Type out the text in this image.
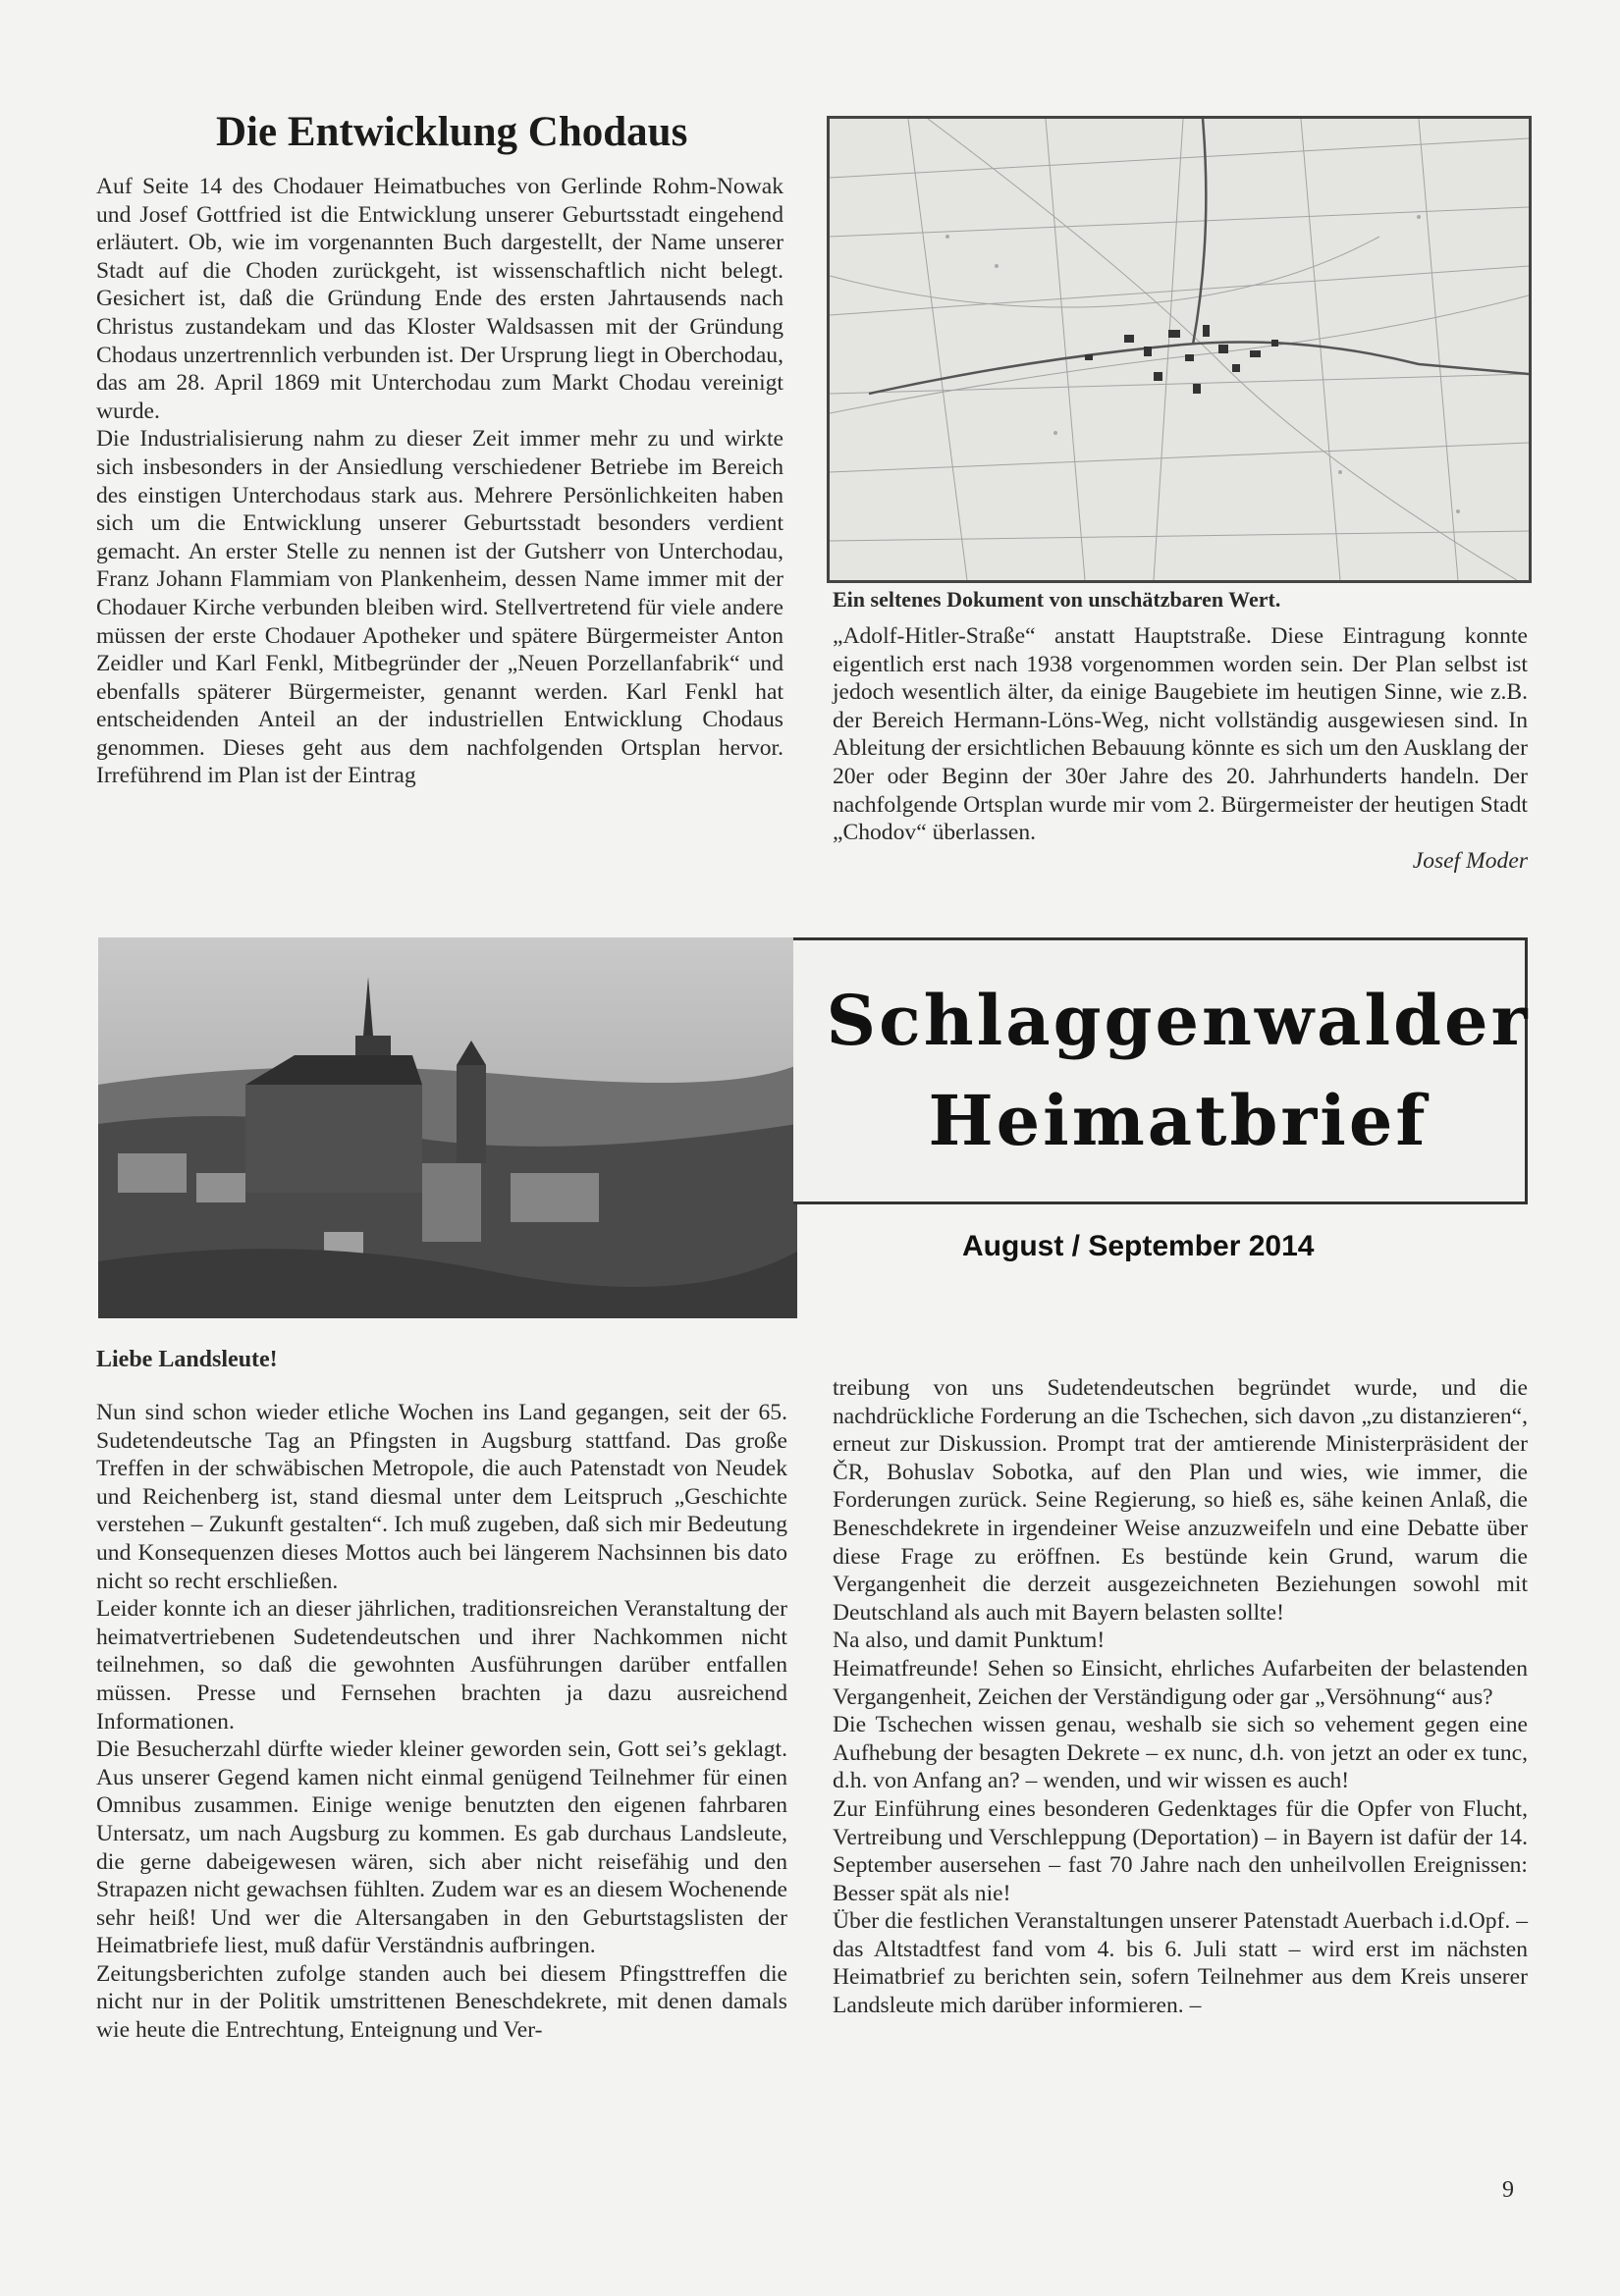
Die Entwicklung Chodaus

Auf Seite 14 des Chodauer Heimatbuches von Gerlinde Rohm-Nowak und Josef Gottfried ist die Entwicklung unserer Geburtsstadt eingehend erläutert. Ob, wie im vorgenannten Buch dargestellt, der Name unserer Stadt auf die Choden zurückgeht, ist wissenschaftlich nicht belegt. Gesichert ist, daß die Gründung Ende des ersten Jahrtausends nach Christus zustandekam und das Kloster Waldsassen mit der Gründung Chodaus unzertrennlich verbunden ist. Der Ursprung liegt in Oberchodau, das am 28. April 1869 mit Unterchodau zum Markt Chodau vereinigt wurde.

Die Industrialisierung nahm zu dieser Zeit immer mehr zu und wirkte sich insbesonders in der Ansiedlung verschiedener Betriebe im Bereich des einstigen Unterchodaus stark aus. Mehrere Persönlichkeiten haben sich um die Entwicklung unserer Geburtsstadt besonders verdient gemacht. An erster Stelle zu nennen ist der Gutsherr von Unterchodau, Franz Johann Flammiam von Plankenheim, dessen Name immer mit der Chodauer Kirche verbunden bleiben wird. Stellvertretend für viele andere müssen der erste Chodauer Apotheker und spätere Bürgermeister Anton Zeidler und Karl Fenkl, Mitbegründer der „Neuen Porzellanfabrik“ und ebenfalls späterer Bürgermeister, genannt werden. Karl Fenkl hat entscheidenden Anteil an der industriellen Entwicklung Chodaus genommen. Dieses geht aus dem nachfolgenden Ortsplan hervor. Irreführend im Plan ist der Eintrag

Ein seltenes Dokument von unschätzbaren Wert.

„Adolf-Hitler-Straße“ anstatt Hauptstraße. Diese Eintragung konnte eigentlich erst nach 1938 vorgenommen worden sein. Der Plan selbst ist jedoch wesentlich älter, da einige Baugebiete im heutigen Sinne, wie z.B. der Bereich Hermann-Löns-Weg, nicht vollständig ausgewiesen sind. In Ableitung der ersichtlichen Bebauung könnte es sich um den Ausklang der 20er oder Beginn der 30er Jahre des 20. Jahrhunderts handeln. Der nachfolgende Ortsplan wurde mir vom 2. Bürgermeister der heutigen Stadt „Chodov“ überlassen.

Josef Moder

Schlaggenwalder
Heimatbrief
August / September 2014

Liebe Landsleute!

Nun sind schon wieder etliche Wochen ins Land gegangen, seit der 65. Sudetendeutsche Tag an Pfingsten in Augsburg stattfand. Das große Treffen in der schwäbischen Metropole, die auch Patenstadt von Neudek und Reichenberg ist, stand diesmal unter dem Leitspruch „Geschichte verstehen – Zukunft gestalten“. Ich muß zugeben, daß sich mir Bedeutung und Konsequenzen dieses Mottos auch bei längerem Nachsinnen bis dato nicht so recht erschließen.

Leider konnte ich an dieser jährlichen, traditionsreichen Veranstaltung der heimatvertriebenen Sudetendeutschen und ihrer Nachkommen nicht teilnehmen, so daß die gewohnten Ausführungen darüber entfallen müssen. Presse und Fernsehen brachten ja dazu ausreichend Informationen.

Die Besucherzahl dürfte wieder kleiner geworden sein, Gott sei’s geklagt. Aus unserer Gegend kamen nicht einmal genügend Teilnehmer für einen Omnibus zusammen. Einige wenige benutzten den eigenen fahrbaren Untersatz, um nach Augsburg zu kommen. Es gab durchaus Landsleute, die gerne dabeigewesen wären, sich aber nicht reisefähig und den Strapazen nicht gewachsen fühlten. Zudem war es an diesem Wochenende sehr heiß! Und wer die Altersangaben in den Geburtstagslisten der Heimatbriefe liest, muß dafür Verständnis aufbringen.

Zeitungsberichten zufolge standen auch bei diesem Pfingsttreffen die nicht nur in der Politik umstrittenen Beneschdekrete, mit denen damals wie heute die Entrechtung, Enteignung und Ver-

treibung von uns Sudetendeutschen begründet wurde, und die nachdrückliche Forderung an die Tschechen, sich davon „zu distanzieren“, erneut zur Diskussion. Prompt trat der amtierende Ministerpräsident der ČR, Bohuslav Sobotka, auf den Plan und wies, wie immer, die Forderungen zurück. Seine Regierung, so hieß es, sähe keinen Anlaß, die Beneschdekrete in irgendeiner Weise anzuzweifeln und eine Debatte über diese Frage zu eröffnen. Es bestünde kein Grund, warum die Vergangenheit die derzeit ausgezeichneten Beziehungen sowohl mit Deutschland als auch mit Bayern belasten sollte!

Na also, und damit Punktum!

Heimatfreunde! Sehen so Einsicht, ehrliches Aufarbeiten der belastenden Vergangenheit, Zeichen der Verständigung oder gar „Versöhnung“ aus?

Die Tschechen wissen genau, weshalb sie sich so vehement gegen eine Aufhebung der besagten Dekrete – ex nunc, d.h. von jetzt an oder ex tunc, d.h. von Anfang an? – wenden, und wir wissen es auch!

Zur Einführung eines besonderen Gedenktages für die Opfer von Flucht, Vertreibung und Verschleppung (Deportation) – in Bayern ist dafür der 14. September ausersehen – fast 70 Jahre nach den unheilvollen Ereignissen: Besser spät als nie!

Über die festlichen Veranstaltungen unserer Patenstadt Auerbach i.d.Opf. – das Altstadtfest fand vom 4. bis 6. Juli statt – wird erst im nächsten Heimatbrief zu berichten sein, sofern Teilnehmer aus dem Kreis unserer Landsleute mich darüber informieren. –

9
